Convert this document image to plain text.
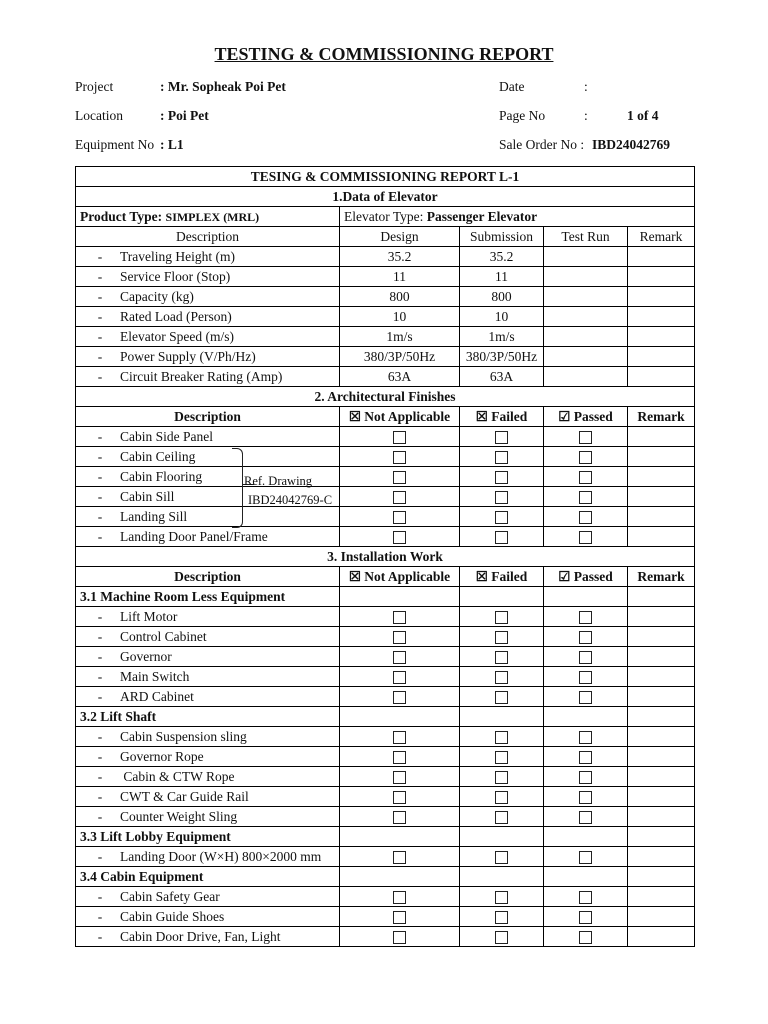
TESTING & COMMISSIONING REPORT
Project	: Mr. Sopheak Poi Pet
Location	: Poi Pet
Equipment No : L1
Date	:
Page No	:	1 of 4
Sale Order No : IBD24042769
TESING & COMMISSIONING REPORT L-1				
1.Data of Elevator				
Product Type: SIMPLEX (MRL)	Elevator Type: Passenger Elevator			
Description	Design	Submission	Test Run	Remark
- Traveling Height (m)	35.2	35.2		
- Service Floor (Stop)	11	11		
- Capacity (kg)	800	800		
- Rated Load (Person)	10	10		
- Elevator Speed (m/s)	1m/s	1m/s		
- Power Supply (V/Ph/Hz)	380/3P/50Hz	380/3P/50Hz		
- Circuit Breaker Rating (Amp)	63A	63A		
2. Architectural Finishes				
Description	☒ Not Applicable	☒ Failed	☑ Passed	Remark
- Cabin Side Panel				
- Cabin Ceiling				
- Cabin Flooring				
- Cabin Sill				
- Landing Sill				
- Landing Door Panel/Frame				
3. Installation Work				
Description	☒ Not Applicable	☒ Failed	☑ Passed	Remark
3.1 Machine Room Less Equipment				
- Lift Motor				
- Control Cabinet				
- Governor				
- Main Switch				
- ARD Cabinet				
3.2 Lift Shaft				
- Cabin Suspension sling				
- Governor Rope				
- Cabin & CTW Rope				
- CWT & Car Guide Rail				
- Counter Weight Sling				
3.3 Lift Lobby Equipment				
- Landing Door (W×H) 800×2000 mm				
3.4 Cabin Equipment				
- Cabin Safety Gear				
- Cabin Guide Shoes				
- Cabin Door Drive, Fan, Light				
Ref. Drawing
IBD24042769-C
